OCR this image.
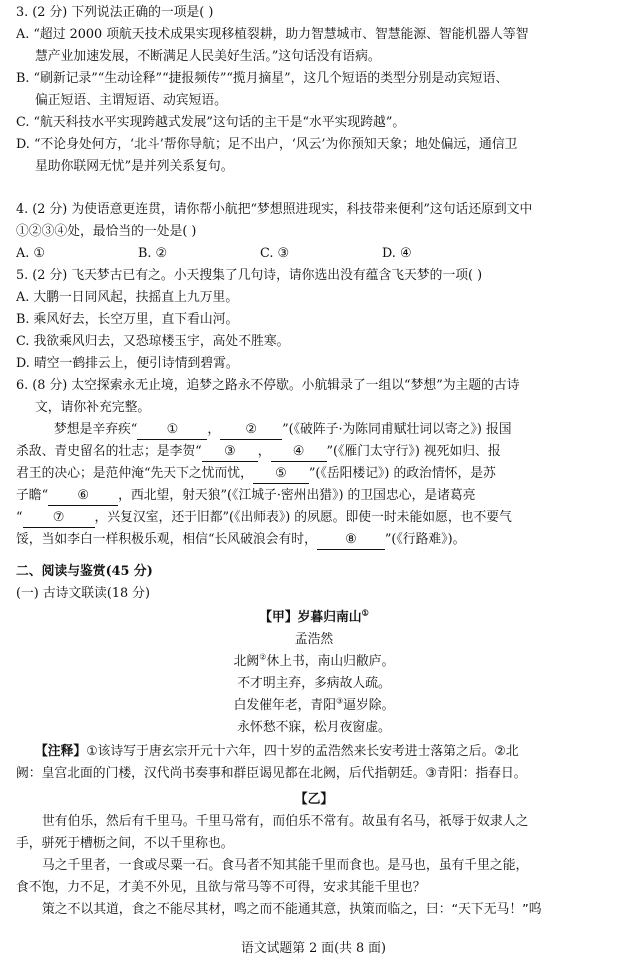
3. (2 分) 下列说法正确的一项是( )
A. “超过 2000 项航天技术成果实现移植裂耕，助力智慧城市、智慧能源、智能机器人等智
慧产业加速发展，不断满足人民美好生活。”这句话没有语病。
B. “刷新记录”“生动诠释”“捷报频传”“揽月摘星”，这几个短语的类型分别是动宾短语、
偏正短语、主谓短语、动宾短语。
C. “航天科技水平实现跨越式发展”这句话的主干是“水平实现跨越”。
D. “不论身处何方，‘北斗’帮你导航；足不出户，‘风云’为你预知天象；地处偏远，通信卫
星助你联网无忧”是并列关系复句。
4. (2 分) 为使语意更连贯，请你帮小航把“梦想照进现实，科技带来便利”这句话还原到文中
①②③④处，最恰当的一处是( )
A. ①	B. ②	C. ③	D. ④
5. (2 分) 飞天梦古已有之。小天搜集了几句诗，请你选出没有蕴含飞天梦的一项( )
A. 大鹏一日同风起，扶摇直上九万里。
B. 乘风好去，长空万里，直下看山河。
C. 我欲乘风归去，又恐琼楼玉宇，高处不胜寒。
D. 晴空一鹤排云上，便引诗情到碧霄。
6. (8 分) 太空探索永无止境，追梦之路永不停歇。小航辑录了一组以“梦想”为主题的古诗
文，请你补充完整。
梦想是辛弃疾“ ① ， ② ”(《破阵子·为陈同甫赋壮词以寄之》) 报国
杀敌、青史留名的壮志；是李贺“ ③ ， ④ ”(《雁门太守行》) 视死如归、报
君王的决心；是范仲淹“先天下之忧而忧， ⑤ ”(《岳阳楼记》) 的政治情怀，是苏
子瞻“ ⑥ ，西北望，射天狼”(《江城子·密州出猎》) 的卫国忠心，是诸葛亮
“ ⑦ ，兴复汉室，还于旧都”(《出师表》) 的夙愿。即使一时未能如愿，也不要气
馁，当如李白一样积极乐观，相信“长风破浪会有时， ⑧ ”(《行路难》)。
二、阅读与鉴赏(45 分)
(一) 古诗文联读(18 分)
【甲】岁暮归南山①
孟浩然
北阙②休上书，南山归敝庐。
不才明主弃，多病故人疏。
白发催年老，青阳③逼岁除。
永怀愁不寐，松月夜窗虚。
【注释】①该诗写于唐玄宗开元十六年，四十岁的孟浩然来长安考进士落第之后。②北
阙：皇宫北面的门楼，汉代尚书奏事和群臣谒见都在北阙，后代指朝廷。③青阳：指春日。
【乙】
世有伯乐，然后有千里马。千里马常有，而伯乐不常有。故虽有名马，祇辱于奴隶人之
手，骈死于槽枥之间，不以千里称也。
马之千里者，一食或尽粟一石。食马者不知其能千里而食也。是马也，虽有千里之能，
食不饱，力不足，才美不外见，且欲与常马等不可得，安求其能千里也？
策之不以其道，食之不能尽其材，鸣之而不能通其意，执策而临之，曰：“天下无马！”呜
语文试题第 2 面(共 8 面)
